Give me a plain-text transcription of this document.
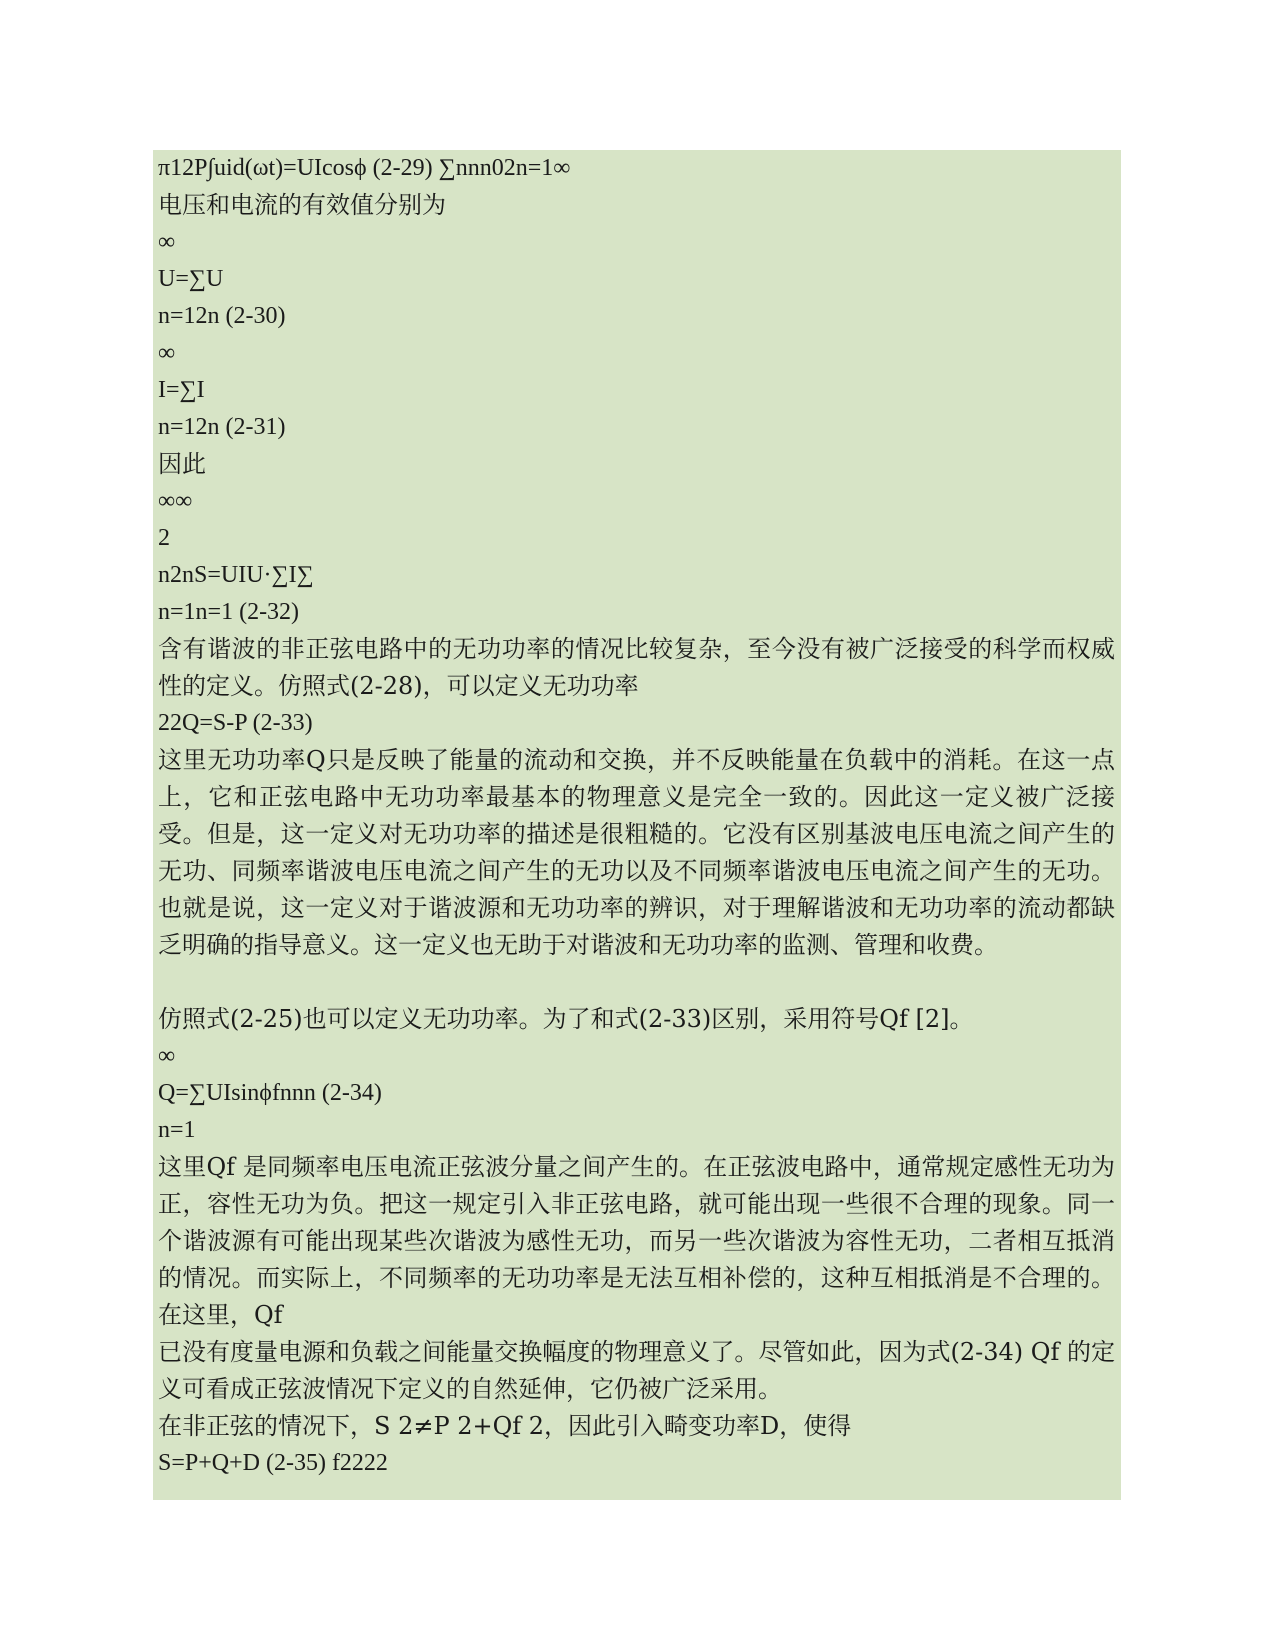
π12P∫uid(ωt)=UIcosϕ (2-29) ∑nnn02n=1∞
电压和电流的有效值分别为
∞
U=∑U
n=12n (2-30)
∞
I=∑I
n=12n (2-31)
因此
∞∞
2
n2nS=UIU·∑I∑
n=1n=1 (2-32)
含有谐波的非正弦电路中的无功功率的情况比较复杂，至今没有被广泛接受的科学而权威性的定义。仿照式(2-28)，可以定义无功功率
22Q=S-P (2-33)
这里无功功率Q只是反映了能量的流动和交换，并不反映能量在负载中的消耗。在这一点上，它和正弦电路中无功功率最基本的物理意义是完全一致的。因此这一定义被广泛接受。但是，这一定义对无功功率的描述是很粗糙的。它没有区别基波电压电流之间产生的无功、同频率谐波电压电流之间产生的无功以及不同频率谐波电压电流之间产生的无功。也就是说，这一定义对于谐波源和无功功率的辨识，对于理解谐波和无功功率的流动都缺乏明确的指导意义。这一定义也无助于对谐波和无功功率的监测、管理和收费。
仿照式(2-25)也可以定义无功功率。为了和式(2-33)区别，采用符号Qf [2]。
∞
Q=∑UIsinϕfnnn (2-34)
n=1
这里Qf 是同频率电压电流正弦波分量之间产生的。在正弦波电路中，通常规定感性无功为正，容性无功为负。把这一规定引入非正弦电路，就可能出现一些很不合理的现象。同一个谐波源有可能出现某些次谐波为感性无功，而另一些次谐波为容性无功，二者相互抵消的情况。而实际上，不同频率的无功功率是无法互相补偿的，这种互相抵消是不合理的。在这里，Qf
已没有度量电源和负载之间能量交换幅度的物理意义了。尽管如此，因为式(2-34) Qf 的定义可看成正弦波情况下定义的自然延伸，它仍被广泛采用。
在非正弦的情况下，S 2≠P 2+Qf 2，因此引入畸变功率D，使得
S=P+Q+D (2-35) f2222
